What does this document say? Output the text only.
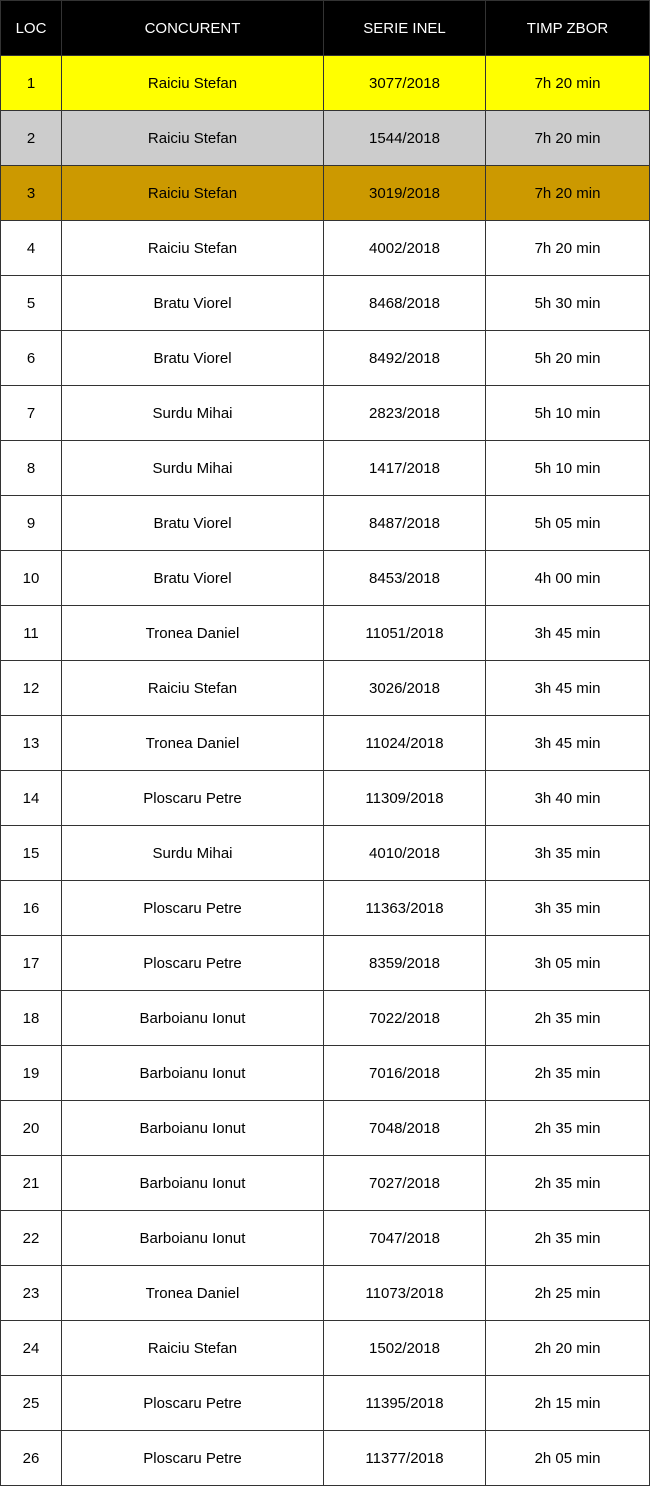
LOC	CONCURENT	SERIE INEL	TIMP ZBOR
1	Raiciu Stefan	3077/2018	7h 20 min
2	Raiciu Stefan	1544/2018	7h 20 min
3	Raiciu Stefan	3019/2018	7h 20 min
4	Raiciu Stefan	4002/2018	7h 20 min
5	Bratu Viorel	8468/2018	5h 30 min
6	Bratu Viorel	8492/2018	5h 20 min
7	Surdu Mihai	2823/2018	5h 10 min
8	Surdu Mihai	1417/2018	5h 10 min
9	Bratu Viorel	8487/2018	5h 05 min
10	Bratu Viorel	8453/2018	4h 00 min
11	Tronea Daniel	11051/2018	3h 45 min
12	Raiciu Stefan	3026/2018	3h 45 min
13	Tronea Daniel	11024/2018	3h 45 min
14	Ploscaru Petre	11309/2018	3h 40 min
15	Surdu Mihai	4010/2018	3h 35 min
16	Ploscaru Petre	11363/2018	3h 35 min
17	Ploscaru Petre	8359/2018	3h 05 min
18	Barboianu Ionut	7022/2018	2h 35 min
19	Barboianu Ionut	7016/2018	2h 35 min
20	Barboianu Ionut	7048/2018	2h 35 min
21	Barboianu Ionut	7027/2018	2h 35 min
22	Barboianu Ionut	7047/2018	2h 35 min
23	Tronea Daniel	11073/2018	2h 25 min
24	Raiciu Stefan	1502/2018	2h 20 min
25	Ploscaru Petre	11395/2018	2h 15 min
26	Ploscaru Petre	11377/2018	2h 05 min
